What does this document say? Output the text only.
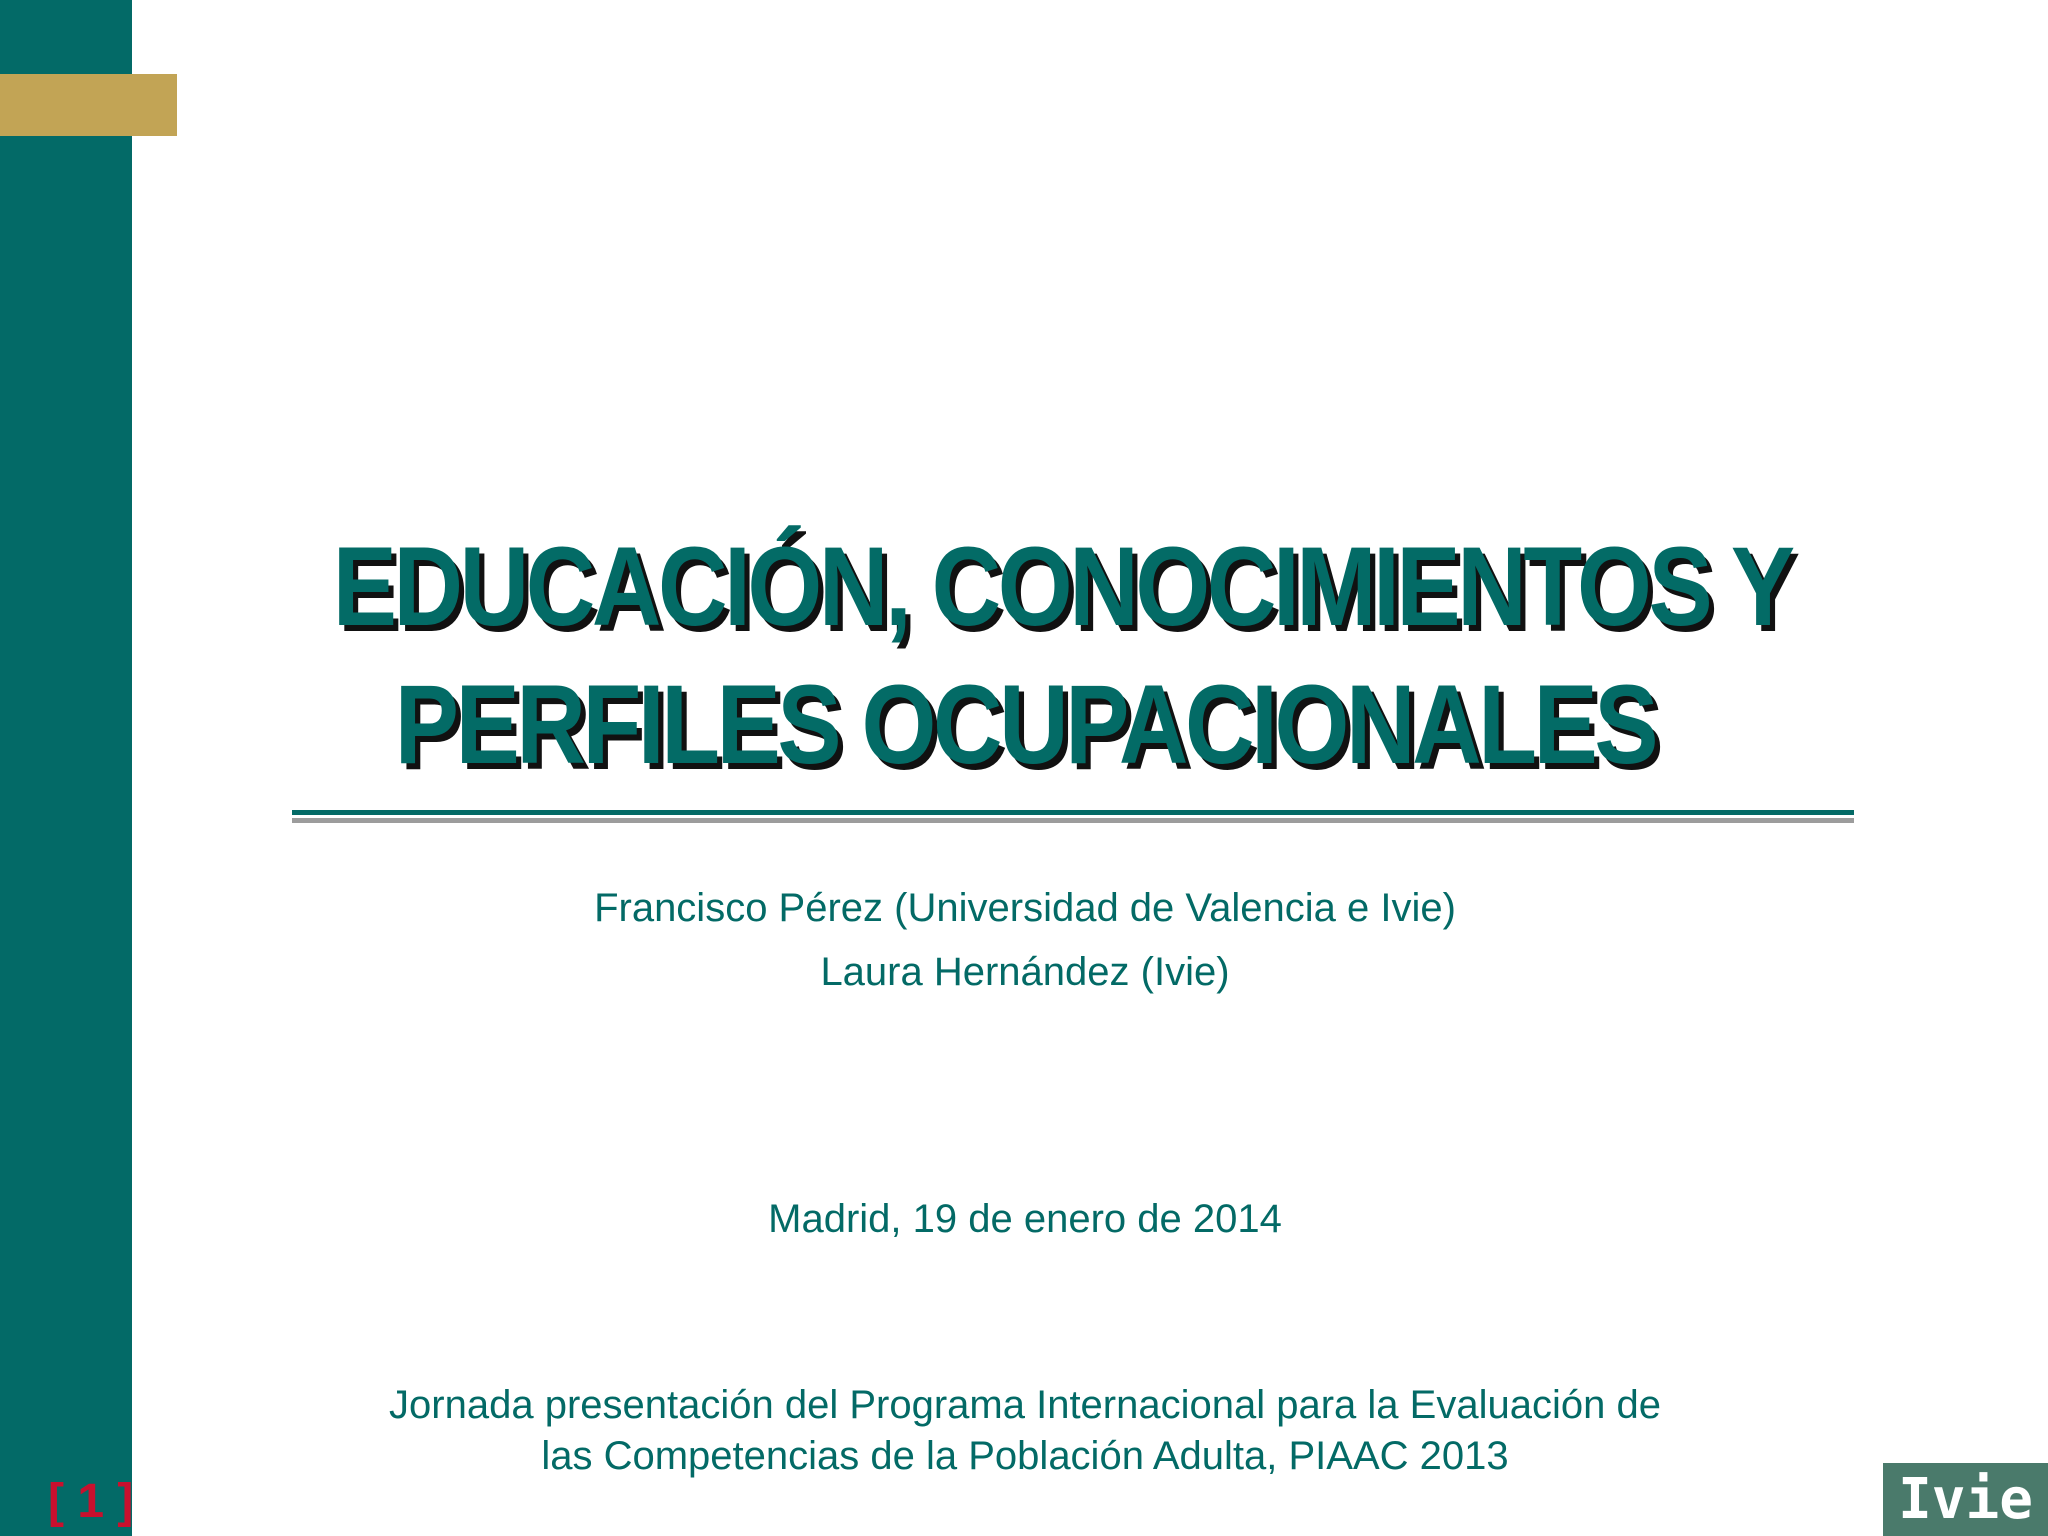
EDUCACIÓN, CONOCIMIENTOS Y
PERFILES OCUPACIONALES
Francisco Pérez (Universidad de Valencia e Ivie)
Laura Hernández (Ivie)
Madrid, 19 de enero de 2014
Jornada presentación del Programa Internacional para la Evaluación de
las Competencias de la Población Adulta, PIAAC 2013
[ 1 ]	Ivie
